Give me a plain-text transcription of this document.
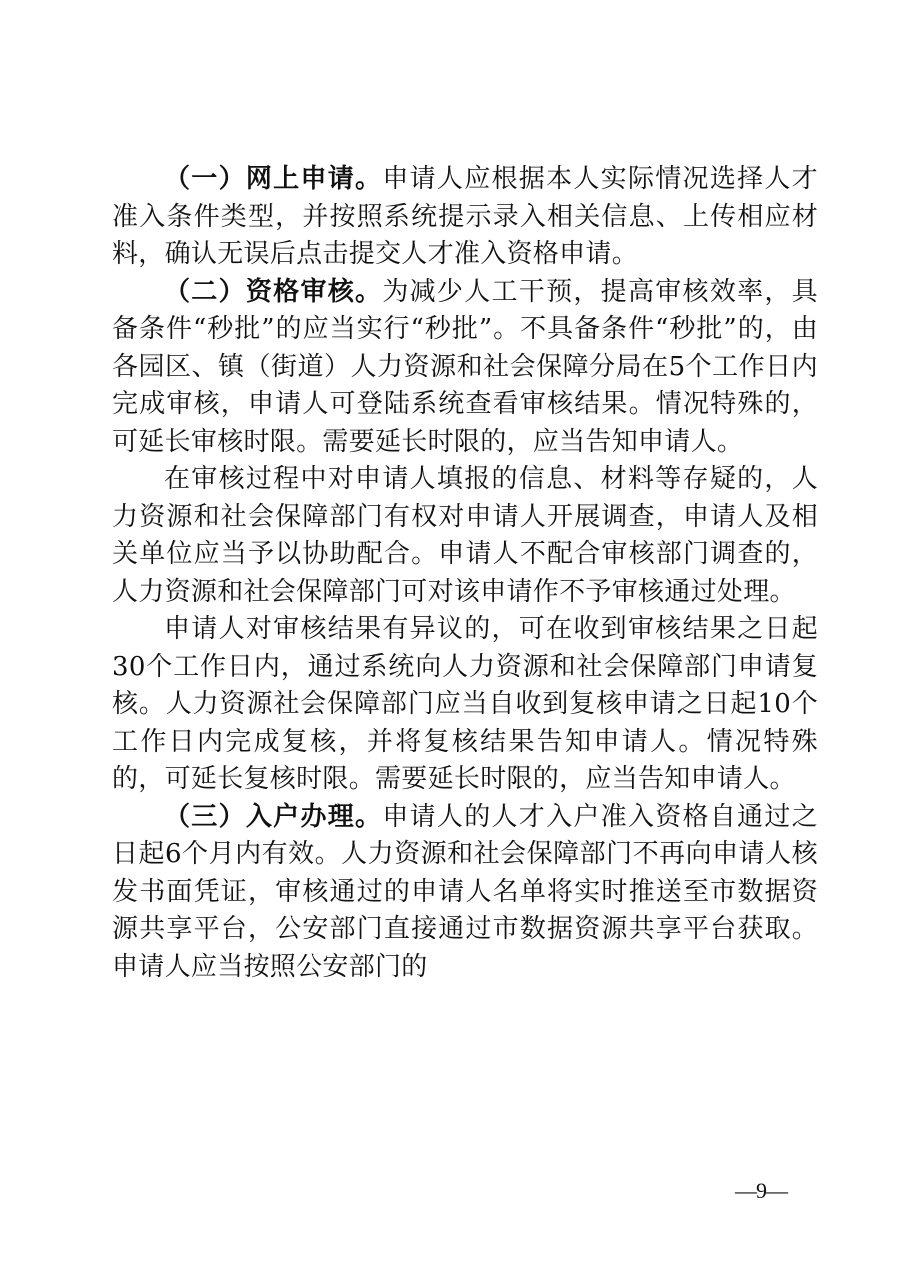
（一）网上申请。申请人应根据本人实际情况选择人才准入条件类型，并按照系统提示录入相关信息、上传相应材料，确认无误后点击提交人才准入资格申请。

（二）资格审核。为减少人工干预，提高审核效率，具备条件“秒批”的应当实行“秒批”。不具备条件“秒批”的，由各园区、镇（街道）人力资源和社会保障分局在5个工作日内完成审核，申请人可登陆系统查看审核结果。情况特殊的，可延长审核时限。需要延长时限的，应当告知申请人。

在审核过程中对申请人填报的信息、材料等存疑的，人力资源和社会保障部门有权对申请人开展调查，申请人及相关单位应当予以协助配合。申请人不配合审核部门调查的，人力资源和社会保障部门可对该申请作不予审核通过处理。

申请人对审核结果有异议的，可在收到审核结果之日起30个工作日内，通过系统向人力资源和社会保障部门申请复核。人力资源社会保障部门应当自收到复核申请之日起10个工作日内完成复核，并将复核结果告知申请人。情况特殊的，可延长复核时限。需要延长时限的，应当告知申请人。

（三）入户办理。申请人的人才入户准入资格自通过之日起6个月内有效。人力资源和社会保障部门不再向申请人核发书面凭证，审核通过的申请人名单将实时推送至市数据资源共享平台，公安部门直接通过市数据资源共享平台获取。申请人应当按照公安部门的

—9—
